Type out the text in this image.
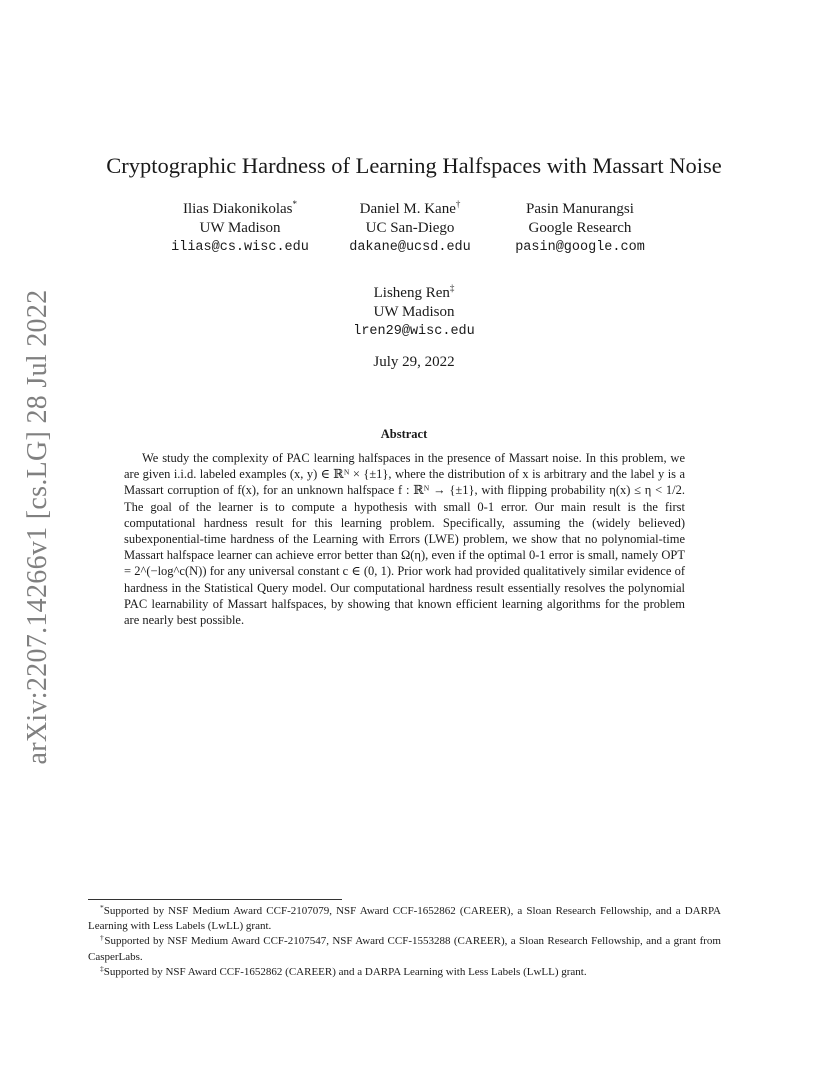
arXiv:2207.14266v1 [cs.LG] 28 Jul 2022
Cryptographic Hardness of Learning Halfspaces with Massart Noise
Ilias Diakonikolas*
UW Madison
ilias@cs.wisc.edu
Daniel M. Kane†
UC San-Diego
dakane@ucsd.edu
Pasin Manurangsi
Google Research
pasin@google.com
Lisheng Ren‡
UW Madison
lren29@wisc.edu
July 29, 2022
Abstract

We study the complexity of PAC learning halfspaces in the presence of Massart noise. In this problem, we are given i.i.d. labeled examples (x, y) ∈ ℝᴺ × {±1}, where the distribution of x is arbitrary and the label y is a Massart corruption of f(x), for an unknown halfspace f : ℝᴺ → {±1}, with flipping probability η(x) ≤ η < 1/2. The goal of the learner is to compute a hypothesis with small 0-1 error. Our main result is the first computational hardness result for this learning problem. Specifically, assuming the (widely believed) subexponential-time hardness of the Learning with Errors (LWE) problem, we show that no polynomial-time Massart halfspace learner can achieve error better than Ω(η), even if the optimal 0-1 error is small, namely OPT = 2^(−log^c(N)) for any universal constant c ∈ (0, 1). Prior work had provided qualitatively similar evidence of hardness in the Statistical Query model. Our computational hardness result essentially resolves the polynomial PAC learnability of Massart halfspaces, by showing that known efficient learning algorithms for the problem are nearly best possible.

*Supported by NSF Medium Award CCF-2107079, NSF Award CCF-1652862 (CAREER), a Sloan Research Fellowship, and a DARPA Learning with Less Labels (LwLL) grant.

†Supported by NSF Medium Award CCF-2107547, NSF Award CCF-1553288 (CAREER), a Sloan Research Fellowship, and a grant from CasperLabs.

‡Supported by NSF Award CCF-1652862 (CAREER) and a DARPA Learning with Less Labels (LwLL) grant.
